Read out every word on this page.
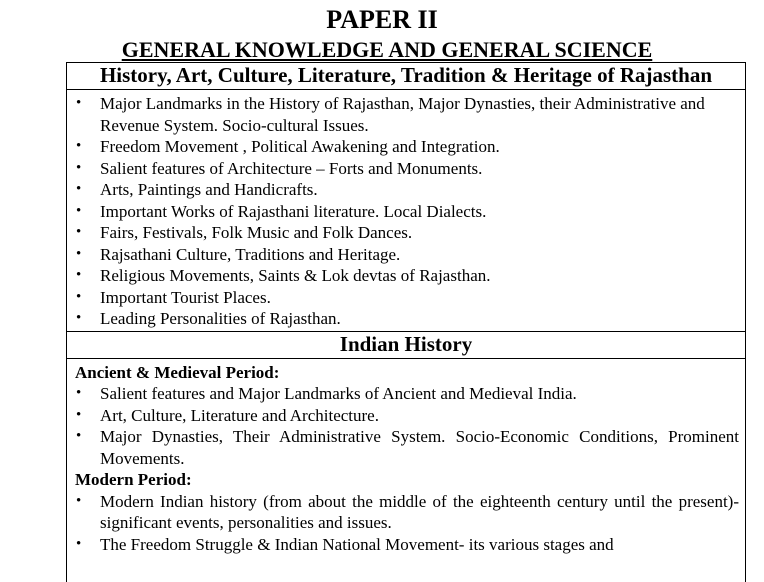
PAPER II
GENERAL KNOWLEDGE AND GENERAL SCIENCE
History, Art, Culture, Literature, Tradition & Heritage of Rajasthan
• Major Landmarks in the History of Rajasthan, Major Dynasties, their Administrative and Revenue System. Socio-cultural Issues.
• Freedom Movement , Political Awakening and Integration.
• Salient features of Architecture – Forts and Monuments.
• Arts, Paintings and Handicrafts.
• Important Works of Rajasthani literature. Local Dialects.
• Fairs, Festivals, Folk Music and Folk Dances.
• Rajsathani Culture, Traditions and Heritage.
• Religious Movements, Saints & Lok devtas of Rajasthan.
• Important Tourist Places.
• Leading Personalities of Rajasthan.
Indian History
Ancient & Medieval Period:
• Salient features and Major Landmarks of Ancient and Medieval India.
• Art, Culture, Literature and Architecture.
• Major Dynasties, Their Administrative System. Socio-Economic Conditions, Prominent Movements.
Modern Period:
• Modern Indian history (from about the middle of the eighteenth century until the present)- significant events, personalities and issues.
• The Freedom Struggle & Indian National Movement- its various stages and
